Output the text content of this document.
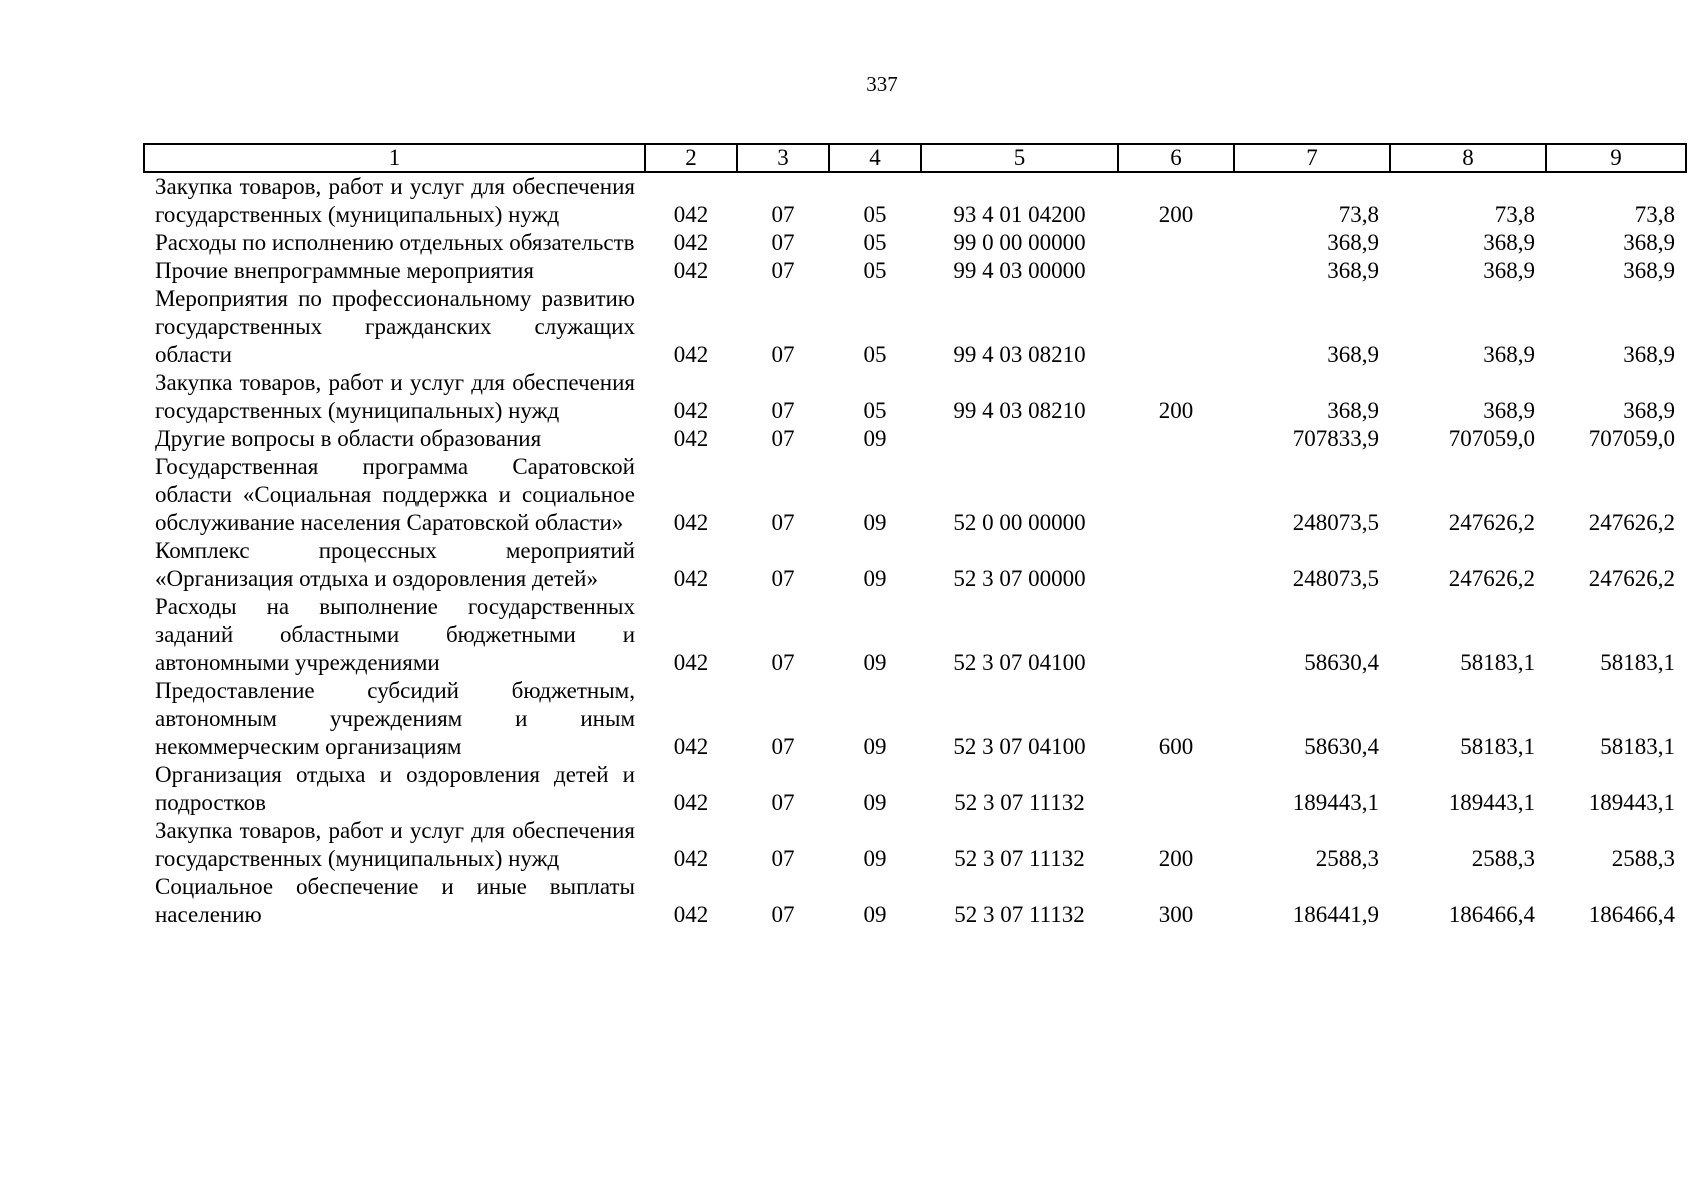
337
1	2	3	4	5	6	7	8	9
Закупка товаров, работ и услуг для обеспечения государственных (муниципальных) нужд	042	07	05	93 4 01 04200	200	73,8	73,8	73,8
Расходы по исполнению отдельных обязательств	042	07	05	99 0 00 00000		368,9	368,9	368,9
Прочие внепрограммные мероприятия	042	07	05	99 4 03 00000		368,9	368,9	368,9
Мероприятия по профессиональному развитию государственных гражданских служащих области	042	07	05	99 4 03 08210		368,9	368,9	368,9
Закупка товаров, работ и услуг для обеспечения государственных (муниципальных) нужд	042	07	05	99 4 03 08210	200	368,9	368,9	368,9
Другие вопросы в области образования	042	07	09			707833,9	707059,0	707059,0
Государственная программа Саратовской области «Социальная поддержка и социальное обслуживание населения Саратовской области»	042	07	09	52 0 00 00000		248073,5	247626,2	247626,2
Комплекс процессных мероприятий «Организация отдыха и оздоровления детей»	042	07	09	52 3 07 00000		248073,5	247626,2	247626,2
Расходы на выполнение государственных заданий областными бюджетными и автономными учреждениями	042	07	09	52 3 07 04100		58630,4	58183,1	58183,1
Предоставление субсидий бюджетным, автономным учреждениям и иным некоммерческим организациям	042	07	09	52 3 07 04100	600	58630,4	58183,1	58183,1
Организация отдыха и оздоровления детей и подростков	042	07	09	52 3 07 11132		189443,1	189443,1	189443,1
Закупка товаров, работ и услуг для обеспечения государственных (муниципальных) нужд	042	07	09	52 3 07 11132	200	2588,3	2588,3	2588,3
Социальное обеспечение и иные выплаты населению	042	07	09	52 3 07 11132	300	186441,9	186466,4	186466,4
